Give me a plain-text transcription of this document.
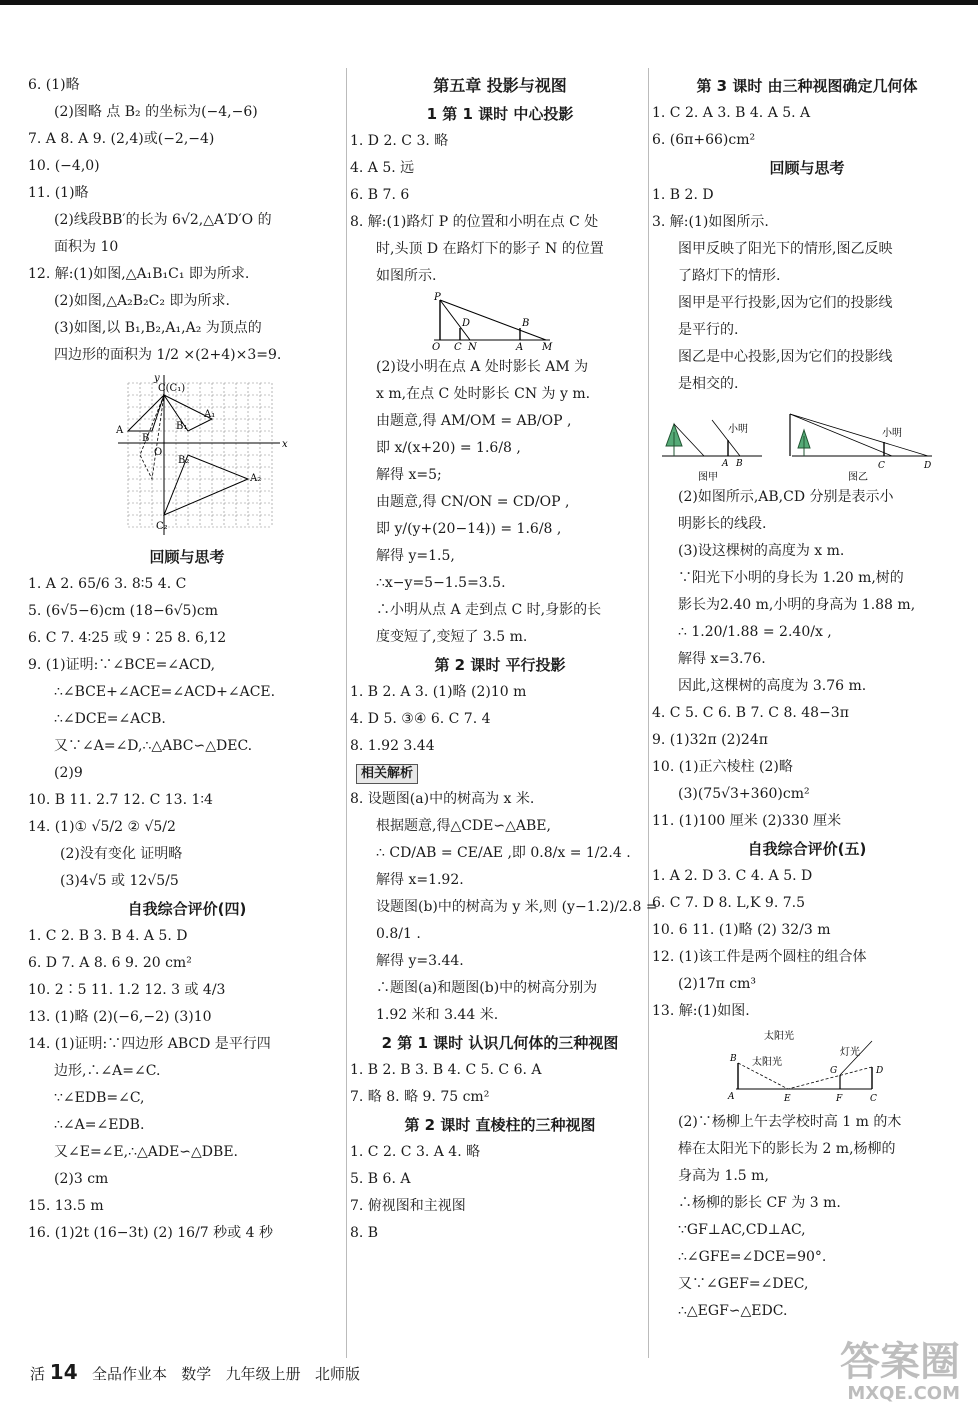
6. (1)略
(2)图略 点 B₂ 的坐标为(−4,−6)
7. A 8. A 9. (2,4)或(−2,−4)
10. (−4,0)
11. (1)略
(2)线段BB′的长为 6√2,△A′D′O 的
面积为 10
12. 解:(1)如图,△A₁B₁C₁ 即为所求.
(2)如图,△A₂B₂C₂ 即为所求.
(3)如图,以 B₁,B₂,A₁,A₂ 为顶点的
四边形的面积为 1/2 ×(2+4)×3=9.
x
y
O
C(C₁)
A
B
A₁
B₁
A₂
B₂
C₂
回顾与思考
1. A 2. 65/6 3. 8∶5 4. C
5. (6√5−6)cm (18−6√5)cm
6. C 7. 4∶25 或 9∶25 8. 6,12
9. (1)证明:∵∠BCE=∠ACD,
∴∠BCE+∠ACE=∠ACD+∠ACE.
∴∠DCE=∠ACB.
又∵∠A=∠D,∴△ABC∽△DEC.
(2)9
10. B 11. 2.7 12. C 13. 1∶4
14. (1)① √5/2 ② √5/2
(2)没有变化 证明略
(3)4√5 或 12√5/5
自我综合评价(四)
1. C 2. B 3. B 4. A 5. D
6. D 7. A 8. 6 9. 20 cm²
10. 2∶5 11. 1.2 12. 3 或 4/3
13. (1)略 (2)(−6,−2) (3)10
14. (1)证明:∵四边形 ABCD 是平行四
边形,∴∠A=∠C.
∵∠EDB=∠C,
∴∠A=∠EDB.
又∠E=∠E,∴△ADE∽△DBE.
(2)3 cm
15. 13.5 m
16. (1)2t (16−3t) (2) 16/7 秒或 4 秒
第五章 投影与视图
1 第 1 课时 中心投影
1. D 2. C 3. 略
4. A 5. 远
6. B 7. 6
8. 解:(1)路灯 P 的位置和小明在点 C 处
时,头顶 D 在路灯下的影子 N 的位置
如图所示.
P
D	B
O C N	A M
(2)设小明在点 A 处时影长 AM 为
x m,在点 C 处时影长 CN 为 y m.
由题意,得 AM/OM = AB/OP ,
即 x/(x+20) = 1.6/8 ,
解得 x=5;
由题意,得 CN/ON = CD/OP ,
即 y/(y+(20−14)) = 1.6/8 ,
解得 y=1.5,
∴x−y=5−1.5=3.5.
∴小明从点 A 走到点 C 时,身影的长
度变短了,变短了 3.5 m.
第 2 课时 平行投影
1. B 2. A 3. (1)略 (2)10 m
4. D 5. ③④ 6. C 7. 4
8. 1.92 3.44
相关解析
8. 设题图(a)中的树高为 x 米.
根据题意,得△CDE∽△ABE,
∴ CD/AB = CE/AE ,即 0.8/x = 1/2.4 .
解得 x=1.92.
设题图(b)中的树高为 y 米,则 (y−1.2)/2.8 =
0.8/1 .
解得 y=3.44.
∴题图(a)和题图(b)中的树高分别为
1.92 米和 3.44 米.
2 第 1 课时 认识几何体的三种视图
1. B 2. B 3. B 4. C 5. C 6. A
7. 略 8. 略 9. 75 cm²
第 2 课时 直棱柱的三种视图
1. C 2. C 3. A 4. 略
5. B 6. A
7. 俯视图和主视图
8. B
第 3 课时 由三种视图确定几何体
1. C 2. A 3. B 4. A 5. A
6. (6π+66)cm²
回顾与思考
1. B 2. D
3. 解:(1)如图所示.
图甲反映了阳光下的情形,图乙反映
了路灯下的情形.
图甲是平行投影,因为它们的投影线
是平行的.
图乙是中心投影,因为它们的投影线
是相交的.
小明
A B
图甲
小明
C	D
图乙
(2)如图所示,AB,CD 分别是表示小
明影长的线段.
(3)设这棵树的高度为 x m.
∵阳光下小明的身长为 1.20 m,树的
影长为2.40 m,小明的身高为 1.88 m,
∴ 1.20/1.88 = 2.40/x ,
解得 x=3.76.
因此,这棵树的高度为 3.76 m.
4. C 5. C 6. B 7. C 8. 48−3π
9. (1)32π (2)24π
10. (1)正六棱柱 (2)略
(3)(75√3+360)cm²
11. (1)100 厘米 (2)330 厘米
自我综合评价(五)
1. A 2. D 3. C 4. A 5. D
6. C 7. D 8. L,K 9. 7.5
10. 6 11. (1)略 (2) 32/3 m
12. (1)该工件是两个圆柱的组合体
(2)17π cm³
13. 解:(1)如图.
太阳光
太阳光
灯光
B
A	E	F
G
C
D
(2)∵杨柳上午去学校时高 1 m 的木
棒在太阳光下的影长为 2 m,杨柳的
身高为 1.5 m,
∴杨柳的影长 CF 为 3 m.
∵GF⊥AC,CD⊥AC,
∴∠GFE=∠DCE=90°.
又∵∠GEF=∠DEC,
∴△EGF∽△EDC.
活 14 全品作业本 数学 九年级上册 北师版	答案圈
MXQE.COM
